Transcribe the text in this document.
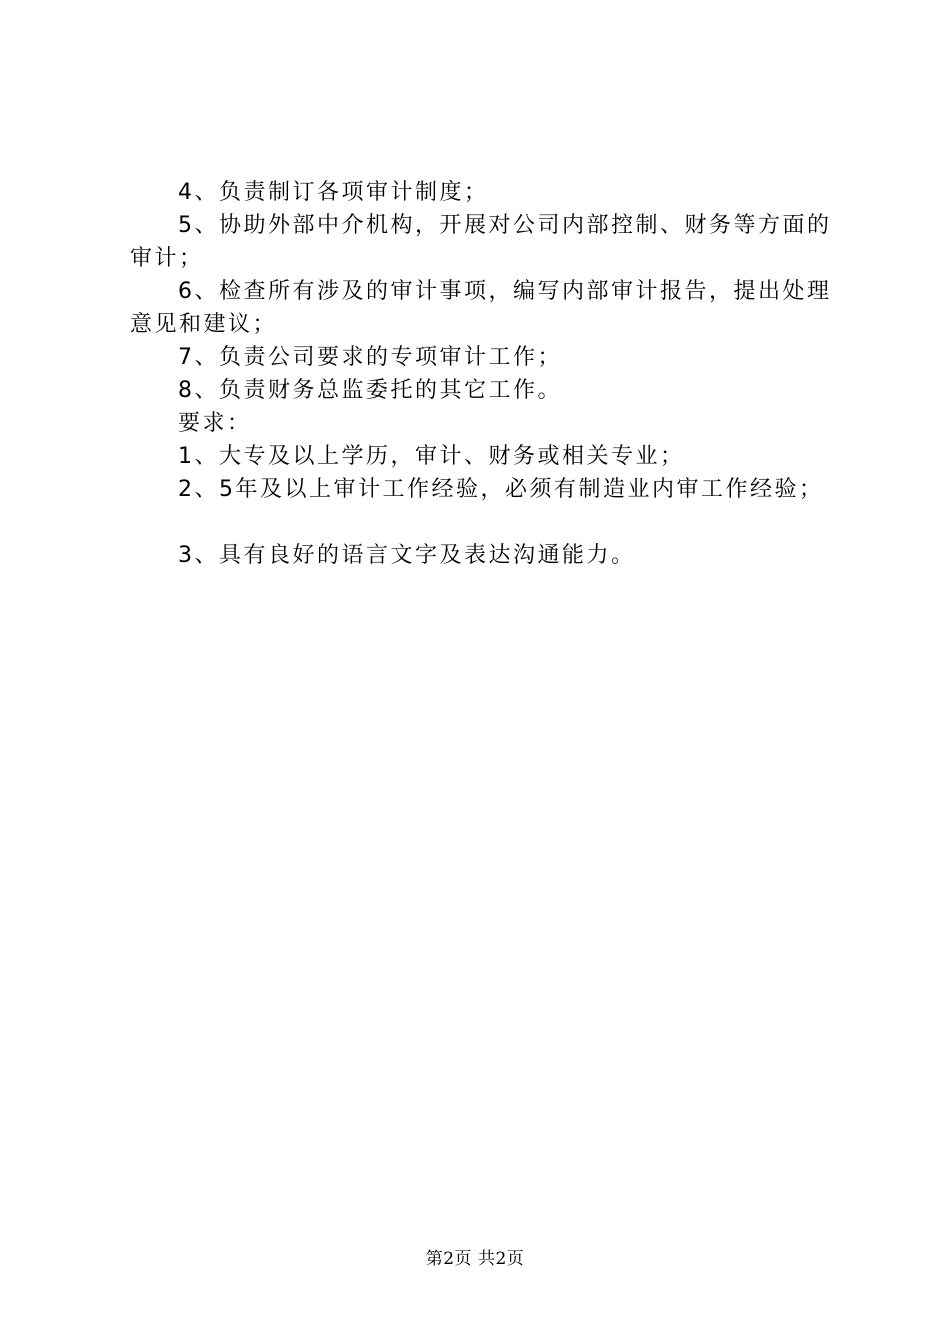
4、负责制订各项审计制度；

5、协助外部中介机构，开展对公司内部控制、财务等方面的审计；

6、检查所有涉及的审计事项，编写内部审计报告，提出处理意见和建议；

7、负责公司要求的专项审计工作；

8、负责财务总监委托的其它工作。

要求：

1、大专及以上学历，审计、财务或相关专业；

2、5年及以上审计工作经验，必须有制造业内审工作经验；

3、具有良好的语言文字及表达沟通能力。

第2页 共2页
